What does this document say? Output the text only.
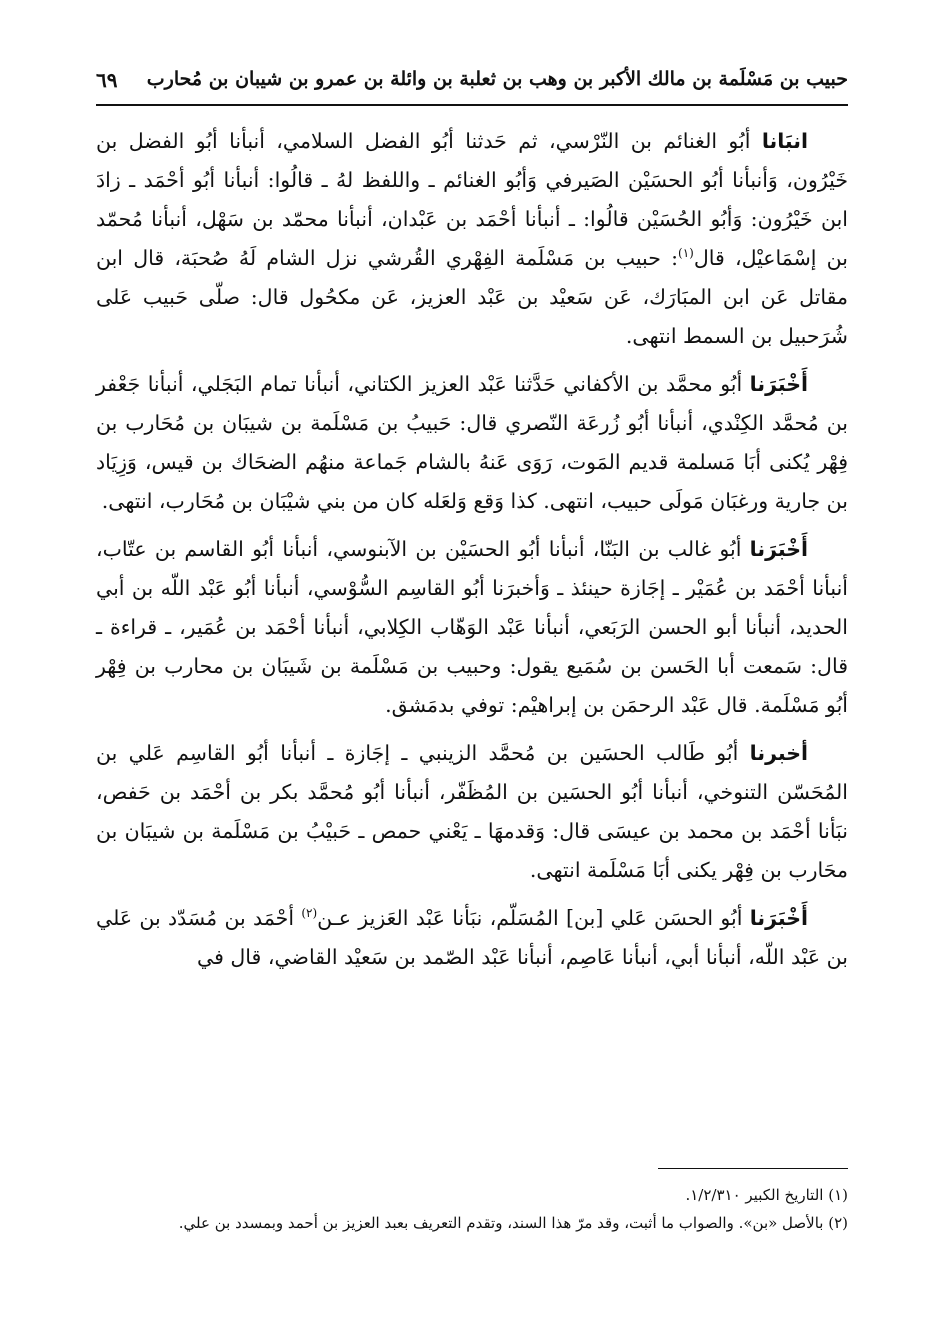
حبيب بن مَسْلَمة بن مالك الأكبر بن وهب بن ثعلبة بن وائلة بن عمرو بن شيبان بن مُحارب
٦٩

انبَانا أبُو الغنائم بن النّرْسي، ثم حَدثنا أبُو الفضل السلامي، أنبأنا أبُو الفضل بن خَيْرُون، وَأنبأنا أبُو الحسَيْن الصَيرفي وَأبُو الغنائم ـ واللفظ لهُ ـ قالُوا: أنبأنا أبُو أحْمَد ـ زادَ ابن خَيْرُون: وَأبُو الحُسَيْن قالُوا: ـ أنبأنا أحْمَد بن عَبْدان، أنبأنا محمّد بن سَهْل، أنبأنا مُحمّد بن إسْمَاعيْل، قال$^{(١)}$: حبيب بن مَسْلَمة الفِهْري القُرشي نزل الشام لَهُ صُحبَة، قال ابن مقاتل عَن ابن المبَارَك، عَن سَعيْد بن عَبْد العزيز، عَن مكحُول قال: صلّى حَبيب عَلى شُرَحبيل بن السمط انتهى.

أَخْبَرَنا أبُو محمَّد بن الأكفاني حَدَّثنا عَبْد العزيز الكتاني، أنبأنا تمام البَجَلي، أنبأنا جَعْفر بن مُحمَّد الكِنْدي، أنبأنا أبُو زُرعَة النّصري قال: حَبيبُ بن مَسْلَمة بن شيبَان بن مُحَارب بن فِهْر يُكنى أبَا مَسلمة قديم المَوت، رَوَى عَنهُ بالشام جَماعة منهُم الضحَاك بن قيس، وَزِيَاد بن جارية ورغبَان مَولَى حبيب، انتهى. كذا وَقع وَلعَله كان من بني شيْبَان بن مُحَارب، انتهى.

أَخْبَرَنا أبُو غالب بن البَنّا، أنبأنا أبُو الحسَيْن بن الآبنوسي، أنبأنا أبُو القاسم بن عتّاب، أنبأنا أحْمَد بن عُمَيْر ـ إجَازة حينئذ ـ وَأخبرَنا أبُو القاسِم السُّوْسي، أنبأنا أبُو عَبْد اللّه بن أبي الحديد، أنبأنا أبو الحسن الرَبَعي، أنبأنا عَبْد الوَهّاب الكِلابي، أنبأنا أحْمَد بن عُمَير، ـ قراءة ـ قال: سَمعت أبا الحَسن بن سُمَيع يقول: وحبيب بن مَسْلَمة بن شَيبَان بن محارب بن فِهْر أبُو مَسْلَمة. قال عَبْد الرحمَن بن إبراهيْم: توفي بدمَشق.

أخبرنا أبُو طَالب الحسَين بن مُحمَّد الزينبي ـ إجَازة ـ أنبأنا أبُو القاسِم عَلي بن المُحَسّن التنوخي، أنبأنا أبُو الحسَين بن المُظَفّر، أنبأنا أبُو مُحمَّد بكر بن أحْمَد بن حَفص، نبَأنا أحْمَد بن محمد بن عيسَى قال: وَقدمهَا ـ يَعْني حمص ـ حَبيْبُ بن مَسْلَمة بن شيبَان بن محَارب بن فِهْر يكنى أبَا مَسْلَمة انتهى.

أَخْبَرَنا أبُو الحسَن عَلي [بن] المُسَلّم، نبَأنا عَبْد العَزيز عـن$^{(٢)}$ أحْمَد بن مُسَدّد بن عَلي بن عَبْد اللّه، أنبأنا أبي، أنبأنا عَاصِم، أنبأنا عَبْد الصّمد بن سَعيْد القاضي، قال في

(١) التاريخ الكبير ١/٢/٣١٠.

(٢) بالأصل «بن». والصواب ما أثبت، وقد مرّ هذا السند، وتقدم التعريف بعبد العزيز بن أحمد وبمسدد بن علي.
